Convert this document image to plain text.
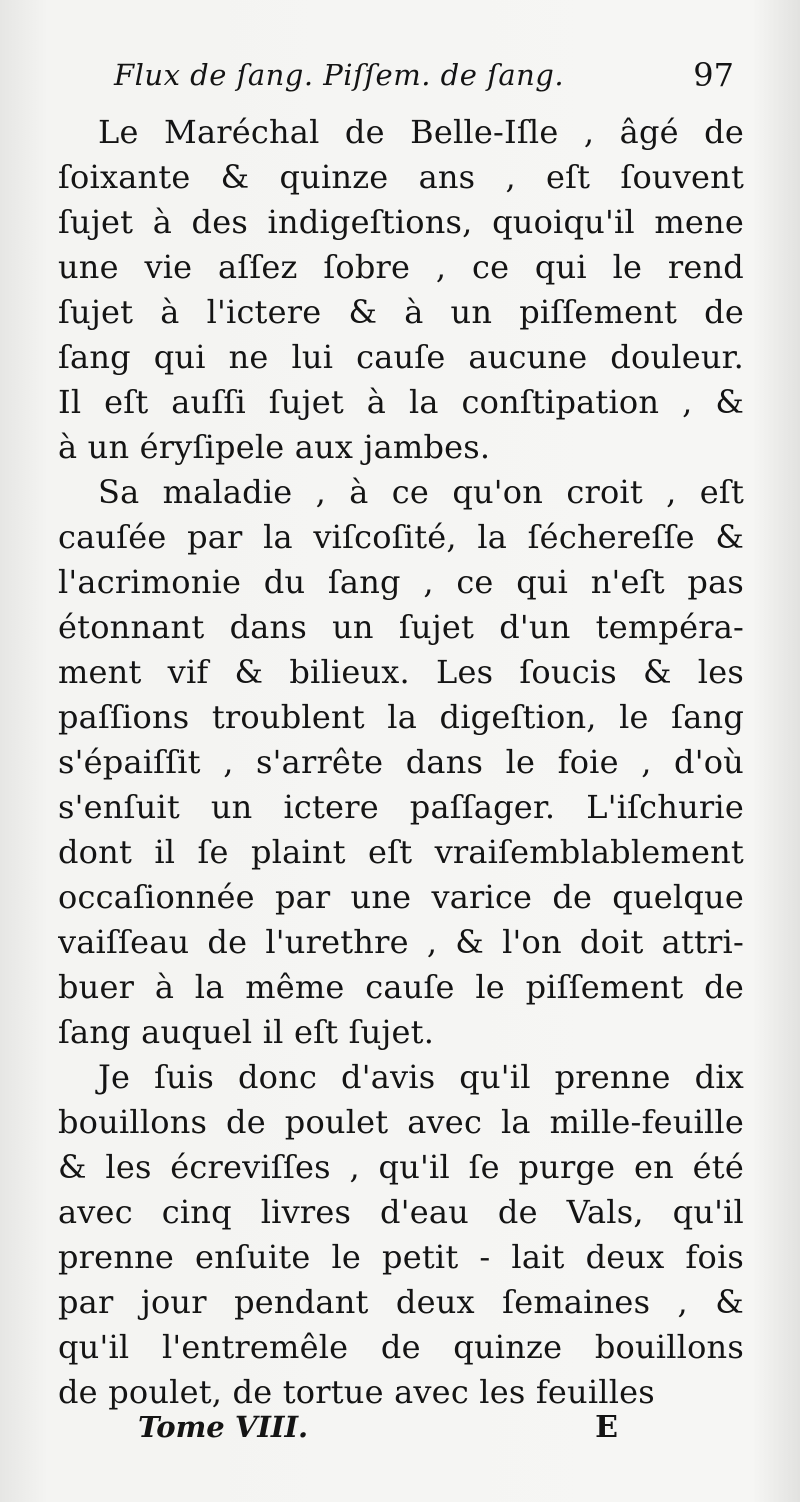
Flux de ſang. Piſſem. de ſang.	97
Le Maréchal de Belle-Iſle , âgé de
ſoixante & quinze ans , eſt ſouvent
ſujet à des indigeſtions, quoiqu'il mene
une vie aſſez ſobre , ce qui le rend
ſujet à l'ictere & à un piſſement de
ſang qui ne lui cauſe aucune douleur.
Il eſt auſſi ſujet à la conſtipation , &
à un éryſipele aux jambes.
Sa maladie , à ce qu'on croit , eſt
cauſée par la viſcoſité, la ſéchereſſe &
l'acrimonie du ſang , ce qui n'eſt pas
étonnant dans un ſujet d'un tempéra-
ment vif & bilieux. Les ſoucis & les
paſſions troublent la digeſtion, le ſang
s'épaiſſit , s'arrête dans le foie , d'où
s'enſuit un ictere paſſager. L'iſchurie
dont il ſe plaint eſt vraiſemblablement
occaſionnée par une varice de quelque
vaiſſeau de l'urethre , & l'on doit attri-
buer à la même cauſe le piſſement de
ſang auquel il eſt ſujet.
Je ſuis donc d'avis qu'il prenne dix
bouillons de poulet avec la mille-feuille
& les écreviſſes , qu'il ſe purge en été
avec cinq livres d'eau de Vals, qu'il
prenne enſuite le petit - lait deux fois
par jour pendant deux ſemaines , &
qu'il l'entremêle de quinze bouillons
de poulet, de tortue avec les feuilles
Tome VIII.	E
